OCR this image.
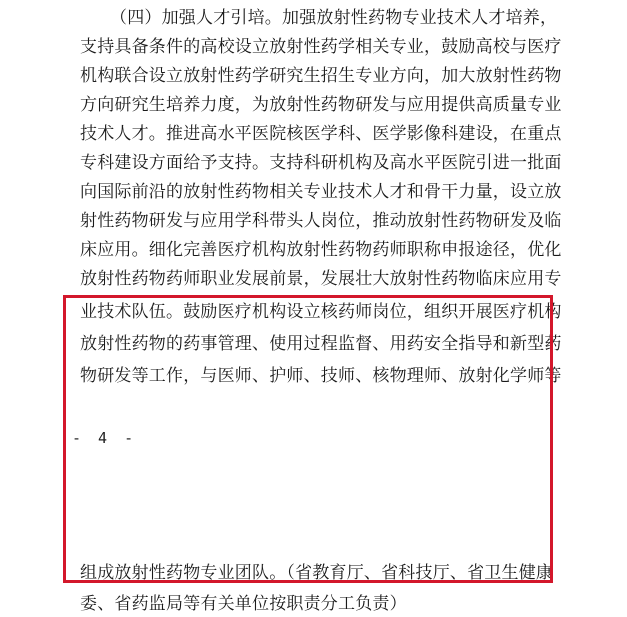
（四）加强人才引培。加强放射性药物专业技术人才培养，
支持具备条件的高校设立放射性药学相关专业，鼓励高校与医疗
机构联合设立放射性药学研究生招生专业方向，加大放射性药物
方向研究生培养力度，为放射性药物研发与应用提供高质量专业
技术人才。推进高水平医院核医学科、医学影像科建设，在重点
专科建设方面给予支持。支持科研机构及高水平医院引进一批面
向国际前沿的放射性药物相关专业技术人才和骨干力量，设立放
射性药物研发与应用学科带头人岗位，推动放射性药物研发及临
床应用。细化完善医疗机构放射性药物药师职称申报途径，优化
放射性药物药师职业发展前景，发展壮大放射性药物临床应用专
业技术队伍。鼓励医疗机构设立核药师岗位，组织开展医疗机构
放射性药物的药事管理、使用过程监督、用药安全指导和新型药
物研发等工作，与医师、护师、技师、核物理师、放射化学师等
- 4 -
组成放射性药物专业团队。（省教育厅、省科技厅、省卫生健康
委、省药监局等有关单位按职责分工负责）
